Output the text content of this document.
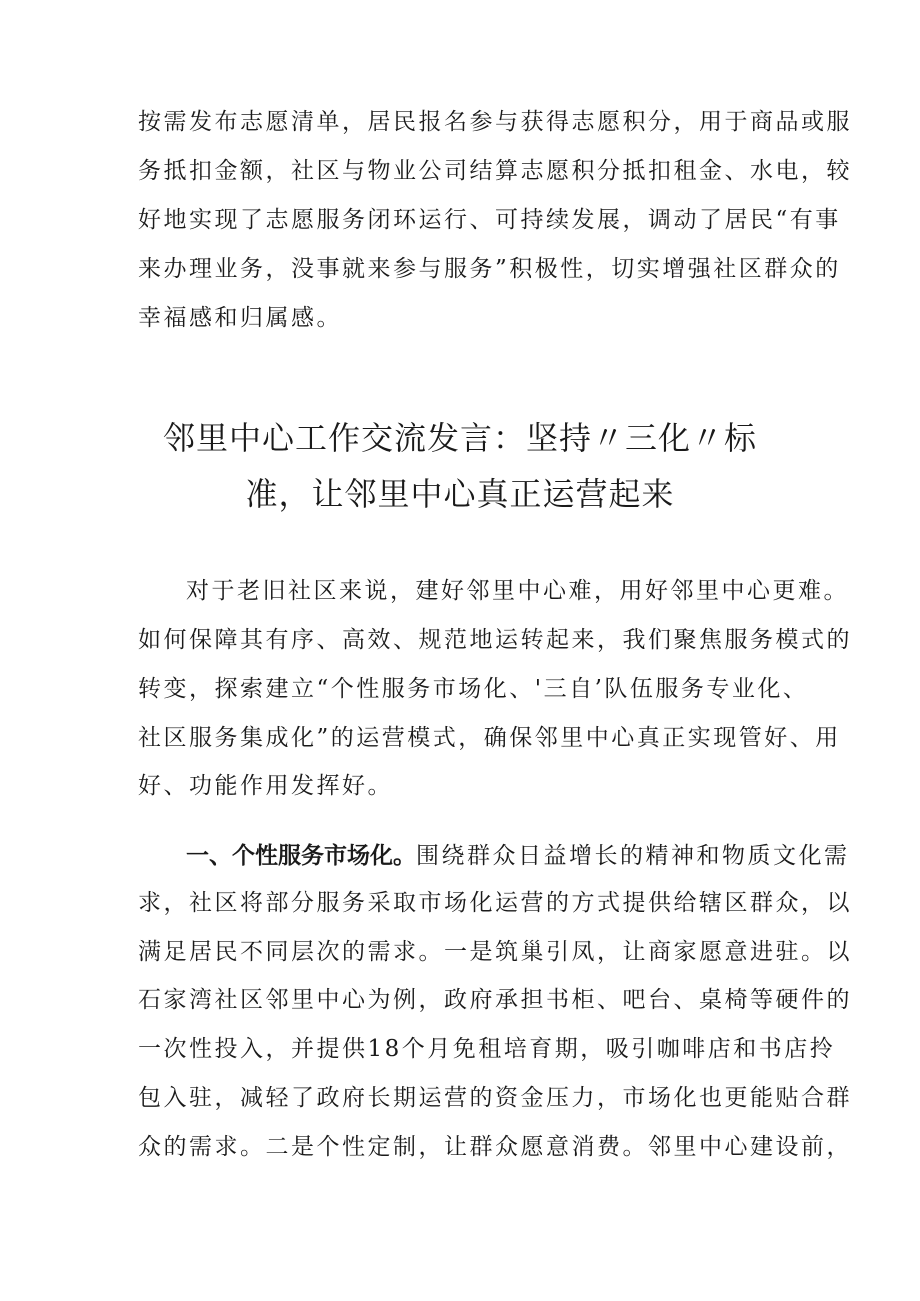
按需发布志愿清单，居民报名参与获得志愿积分，用于商品或服
务抵扣金额，社区与物业公司结算志愿积分抵扣租金、水电，较
好地实现了志愿服务闭环运行、可持续发展，调动了居民“有事
来办理业务，没事就来参与服务”积极性，切实增强社区群众的
幸福感和归属感。
邻里中心工作交流发言：坚持〃三化〃标
准，让邻里中心真正运营起来
对于老旧社区来说，建好邻里中心难，用好邻里中心更难。
如何保障其有序、高效、规范地运转起来，我们聚焦服务模式的
转变，探索建立“个性服务市场化、'三自’队伍服务专业化、
社区服务集成化”的运营模式，确保邻里中心真正实现管好、用
好、功能作用发挥好。
一、个性服务市场化。围绕群众日益增长的精神和物质文化需
求，社区将部分服务采取市场化运营的方式提供给辖区群众，以
满足居民不同层次的需求。一是筑巢引凤，让商家愿意进驻。以
石家湾社区邻里中心为例，政府承担书柜、吧台、桌椅等硬件的
一次性投入，并提供18个月免租培育期，吸引咖啡店和书店拎
包入驻，减轻了政府长期运营的资金压力，市场化也更能贴合群
众的需求。二是个性定制，让群众愿意消费。邻里中心建设前，
